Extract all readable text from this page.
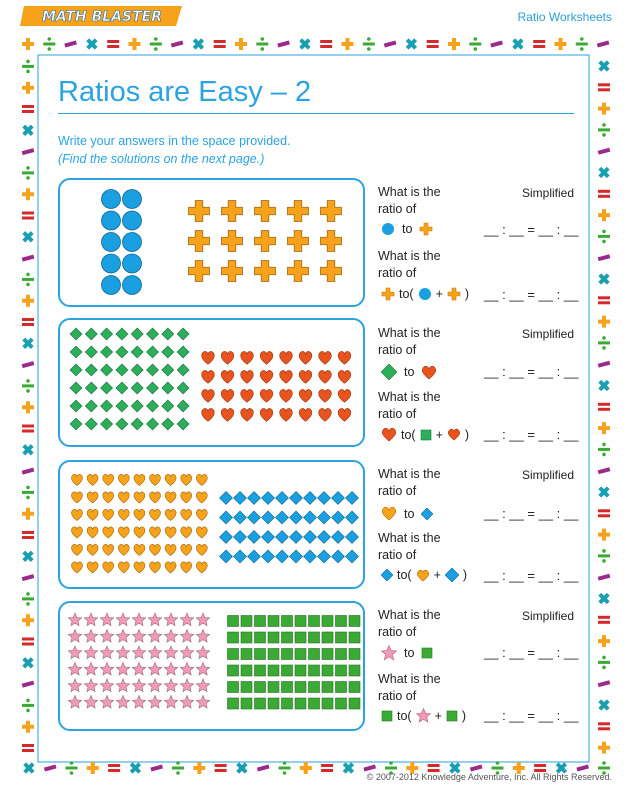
MATH BLASTER	Ratio Worksheets
Ratios are Easy – 2
Write your answers in the space provided.
(Find the solutions on the next page.)
What is the
ratio of
Simplified
to	__ : __ = __ : __
What is the
ratio of
to( + ) __ : __ = __ : __
What is the
ratio of
Simplified
to	__ : __ = __ : __
What is the
ratio of
to( + ) __ : __ = __ : __
What is the
ratio of
Simplified
to	__ : __ = __ : __
What is the
ratio of
to( + ) __ : __ = __ : __
What is the
ratio of
Simplified
to	__ : __ = __ : __
What is the
ratio of
to( + ) __ : __ = __ : __
© 2007-2012 Knowledge Adventure, Inc. All Rights Reserved.
